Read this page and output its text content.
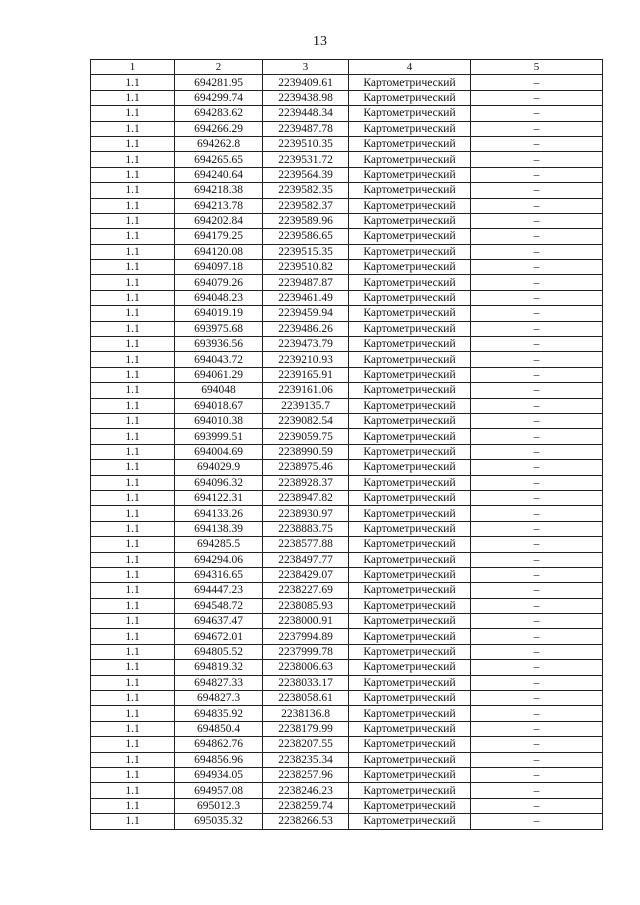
13
1	2	3	4	5
1.1	694281.95	2239409.61	Картометрический	–
1.1	694299.74	2239438.98	Картометрический	–
1.1	694283.62	2239448.34	Картометрический	–
1.1	694266.29	2239487.78	Картометрический	–
1.1	694262.8	2239510.35	Картометрический	–
1.1	694265.65	2239531.72	Картометрический	–
1.1	694240.64	2239564.39	Картометрический	–
1.1	694218.38	2239582.35	Картометрический	–
1.1	694213.78	2239582.37	Картометрический	–
1.1	694202.84	2239589.96	Картометрический	–
1.1	694179.25	2239586.65	Картометрический	–
1.1	694120.08	2239515.35	Картометрический	–
1.1	694097.18	2239510.82	Картометрический	–
1.1	694079.26	2239487.87	Картометрический	–
1.1	694048.23	2239461.49	Картометрический	–
1.1	694019.19	2239459.94	Картометрический	–
1.1	693975.68	2239486.26	Картометрический	–
1.1	693936.56	2239473.79	Картометрический	–
1.1	694043.72	2239210.93	Картометрический	–
1.1	694061.29	2239165.91	Картометрический	–
1.1	694048	2239161.06	Картометрический	–
1.1	694018.67	2239135.7	Картометрический	–
1.1	694010.38	2239082.54	Картометрический	–
1.1	693999.51	2239059.75	Картометрический	–
1.1	694004.69	2238990.59	Картометрический	–
1.1	694029.9	2238975.46	Картометрический	–
1.1	694096.32	2238928.37	Картометрический	–
1.1	694122.31	2238947.82	Картометрический	–
1.1	694133.26	2238930.97	Картометрический	–
1.1	694138.39	2238883.75	Картометрический	–
1.1	694285.5	2238577.88	Картометрический	–
1.1	694294.06	2238497.77	Картометрический	–
1.1	694316.65	2238429.07	Картометрический	–
1.1	694447.23	2238227.69	Картометрический	–
1.1	694548.72	2238085.93	Картометрический	–
1.1	694637.47	2238000.91	Картометрический	–
1.1	694672.01	2237994.89	Картометрический	–
1.1	694805.52	2237999.78	Картометрический	–
1.1	694819.32	2238006.63	Картометрический	–
1.1	694827.33	2238033.17	Картометрический	–
1.1	694827.3	2238058.61	Картометрический	–
1.1	694835.92	2238136.8	Картометрический	–
1.1	694850.4	2238179.99	Картометрический	–
1.1	694862.76	2238207.55	Картометрический	–
1.1	694856.96	2238235.34	Картометрический	–
1.1	694934.05	2238257.96	Картометрический	–
1.1	694957.08	2238246.23	Картометрический	–
1.1	695012.3	2238259.74	Картометрический	–
1.1	695035.32	2238266.53	Картометрический	–
